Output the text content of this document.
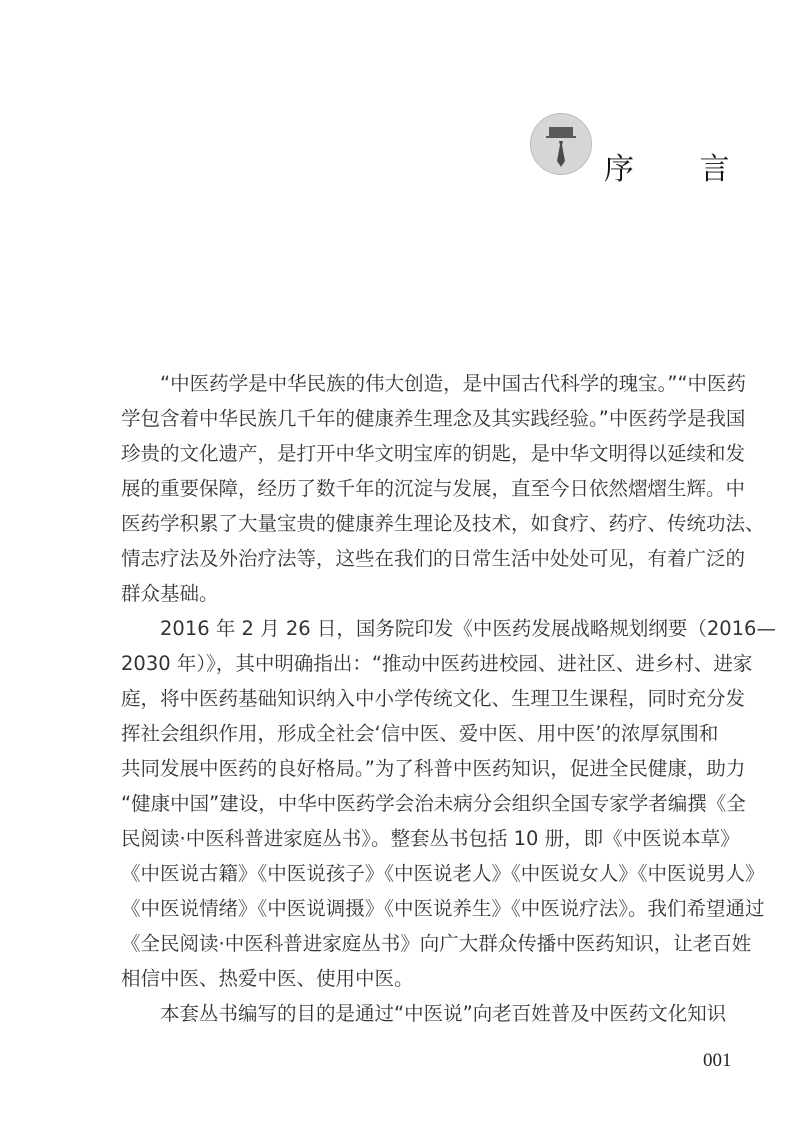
序 言
“中医药学是中华民族的伟大创造，是中国古代科学的瑰宝。”“中医药
学包含着中华民族几千年的健康养生理念及其实践经验。”中医药学是我国
珍贵的文化遗产，是打开中华文明宝库的钥匙，是中华文明得以延续和发
展的重要保障，经历了数千年的沉淀与发展，直至今日依然熠熠生辉。中
医药学积累了大量宝贵的健康养生理论及技术，如食疗、药疗、传统功法、
情志疗法及外治疗法等，这些在我们的日常生活中处处可见，有着广泛的
群众基础。
2016 年 2 月 26 日，国务院印发《中医药发展战略规划纲要（2016—
2030 年）》，其中明确指出：“推动中医药进校园、进社区、进乡村、进家
庭，将中医药基础知识纳入中小学传统文化、生理卫生课程，同时充分发
挥社会组织作用，形成全社会‘信中医、爱中医、用中医’的浓厚氛围和
共同发展中医药的良好格局。”为了科普中医药知识，促进全民健康，助力
“健康中国”建设，中华中医药学会治未病分会组织全国专家学者编撰《全
民阅读·中医科普进家庭丛书》。整套丛书包括 10 册，即《中医说本草》
《中医说古籍》《中医说孩子》《中医说老人》《中医说女人》《中医说男人》
《中医说情绪》《中医说调摄》《中医说养生》《中医说疗法》。我们希望通过
《全民阅读·中医科普进家庭丛书》向广大群众传播中医药知识，让老百姓
相信中医、热爱中医、使用中医。
本套丛书编写的目的是通过“中医说”向老百姓普及中医药文化知识
001
